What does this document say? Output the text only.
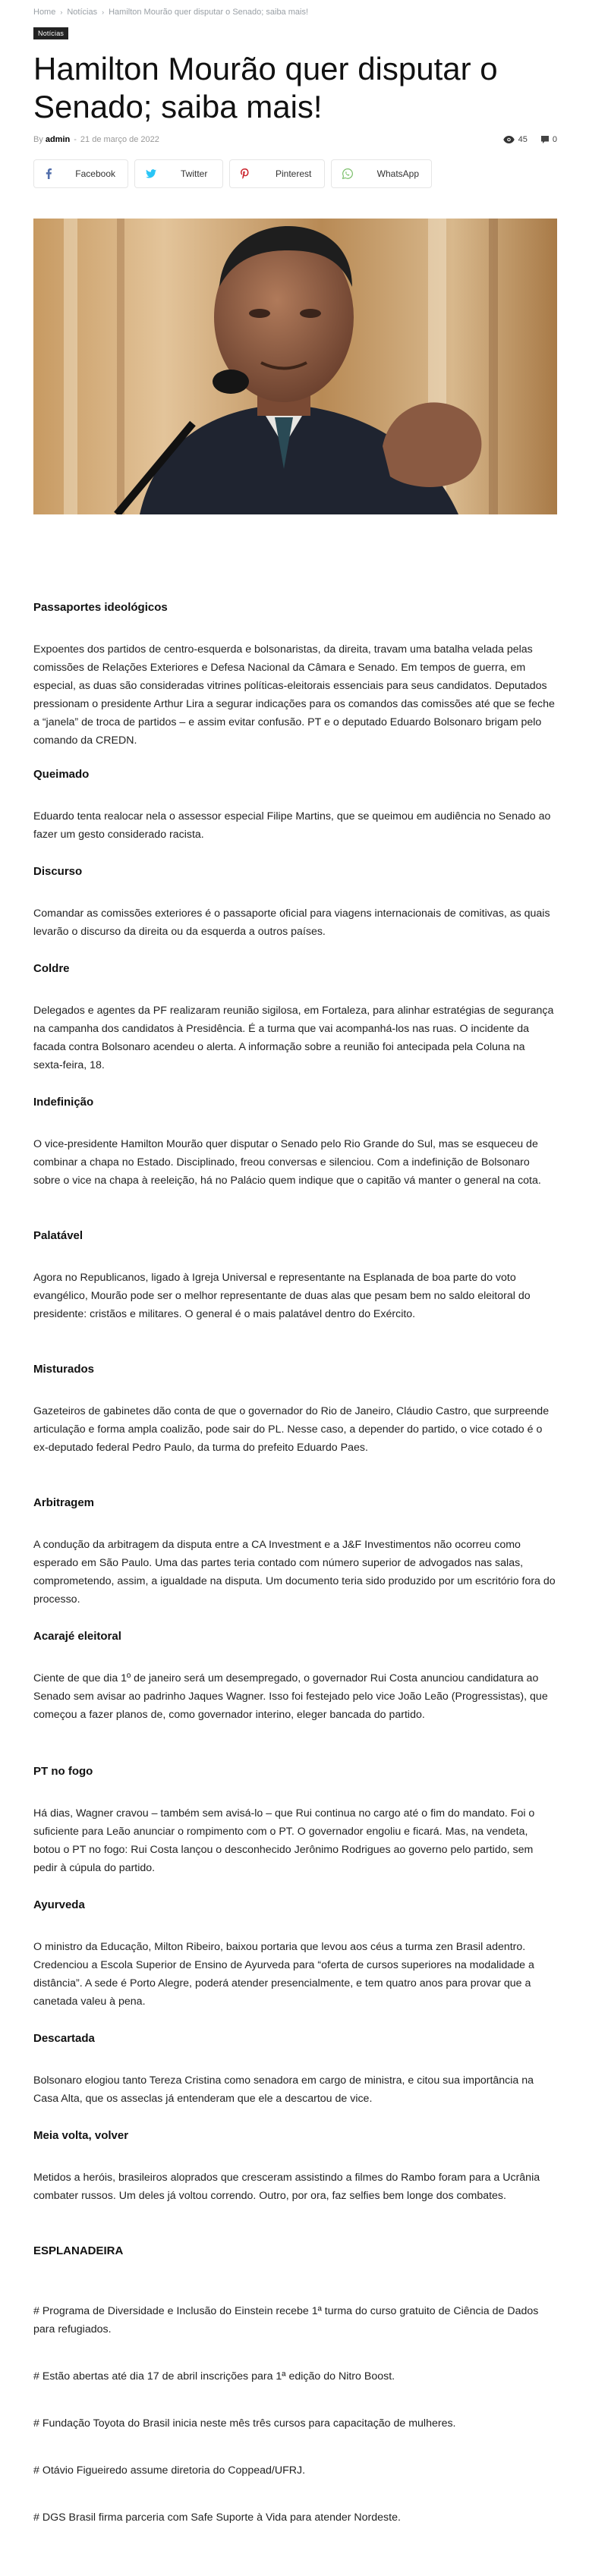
Home › Notícias › Hamilton Mourão quer disputar o Senado; saiba mais!
Notícias
Hamilton Mourão quer disputar o Senado; saiba mais!
By admin - 21 de março de 2022	45	0
Facebook	Twitter	Pinterest	WhatsApp
Passaportes ideológicos

Expoentes dos partidos de centro-esquerda e bolsonaristas, da direita, travam uma batalha velada pelas comissões de Relações Exteriores e Defesa Nacional da Câmara e Senado. Em tempos de guerra, em especial, as duas são consideradas vitrines políticas-eleitorais essenciais para seus candidatos. Deputados pressionam o presidente Arthur Lira a segurar indicações para os comandos das comissões até que se feche a “janela” de troca de partidos – e assim evitar confusão. PT e o deputado Eduardo Bolsonaro brigam pelo comando da CREDN.

Queimado

Eduardo tenta realocar nela o assessor especial Filipe Martins, que se queimou em audiência no Senado ao fazer um gesto considerado racista.

Discurso

Comandar as comissões exteriores é o passaporte oficial para viagens internacionais de comitivas, as quais levarão o discurso da direita ou da esquerda a outros países.

Coldre

Delegados e agentes da PF realizaram reunião sigilosa, em Fortaleza, para alinhar estratégias de segurança na campanha dos candidatos à Presidência. É a turma que vai acompanhá-los nas ruas. O incidente da facada contra Bolsonaro acendeu o alerta. A informação sobre a reunião foi antecipada pela Coluna na sexta-feira, 18.

Indefinição

O vice-presidente Hamilton Mourão quer disputar o Senado pelo Rio Grande do Sul, mas se esqueceu de combinar a chapa no Estado. Disciplinado, freou conversas e silenciou. Com a indefinição de Bolsonaro sobre o vice na chapa à reeleição, há no Palácio quem indique que o capitão vá manter o general na cota.

Palatável

Agora no Republicanos, ligado à Igreja Universal e representante na Esplanada de boa parte do voto evangélico, Mourão pode ser o melhor representante de duas alas que pesam bem no saldo eleitoral do presidente: cristãos e militares. O general é o mais palatável dentro do Exército.

Misturados

Gazeteiros de gabinetes dão conta de que o governador do Rio de Janeiro, Cláudio Castro, que surpreende articulação e forma ampla coalizão, pode sair do PL. Nesse caso, a depender do partido, o vice cotado é o ex-deputado federal Pedro Paulo, da turma do prefeito Eduardo Paes.

Arbitragem

A condução da arbitragem da disputa entre a CA Investment e a J&F Investimentos não ocorreu como esperado em São Paulo. Uma das partes teria contado com número superior de advogados nas salas, comprometendo, assim, a igualdade na disputa. Um documento teria sido produzido por um escritório fora do processo.

Acarajé eleitoral

Ciente de que dia 1º de janeiro será um desempregado, o governador Rui Costa anunciou candidatura ao Senado sem avisar ao padrinho Jaques Wagner. Isso foi festejado pelo vice João Leão (Progressistas), que começou a fazer planos de, como governador interino, eleger bancada do partido.

PT no fogo

Há dias, Wagner cravou – também sem avisá-lo – que Rui continua no cargo até o fim do mandato. Foi o suficiente para Leão anunciar o rompimento com o PT. O governador engoliu e ficará. Mas, na vendeta, botou o PT no fogo: Rui Costa lançou o desconhecido Jerônimo Rodrigues ao governo pelo partido, sem pedir à cúpula do partido.

Ayurveda

O ministro da Educação, Milton Ribeiro, baixou portaria que levou aos céus a turma zen Brasil adentro. Credenciou a Escola Superior de Ensino de Ayurveda para “oferta de cursos superiores na modalidade a distância”. A sede é Porto Alegre, poderá atender presencialmente, e tem quatro anos para provar que a canetada valeu à pena.

Descartada

Bolsonaro elogiou tanto Tereza Cristina como senadora em cargo de ministra, e citou sua importância na Casa Alta, que os asseclas já entenderam que ele a descartou de vice.

Meia volta, volver

Metidos a heróis, brasileiros aloprados que cresceram assistindo a filmes do Rambo foram para a Ucrânia combater russos. Um deles já voltou correndo. Outro, por ora, faz selfies bem longe dos combates.

ESPLANADEIRA

# Programa de Diversidade e Inclusão do Einstein recebe 1ª turma do curso gratuito de Ciência de Dados para refugiados.

# Estão abertas até dia 17 de abril inscrições para 1ª edição do Nitro Boost.

# Fundação Toyota do Brasil inicia neste mês três cursos para capacitação de mulheres.

# Otávio Figueiredo assume diretoria do Coppead/UFRJ.

# DGS Brasil firma parceria com Safe Suporte à Vida para atender Nordeste.
